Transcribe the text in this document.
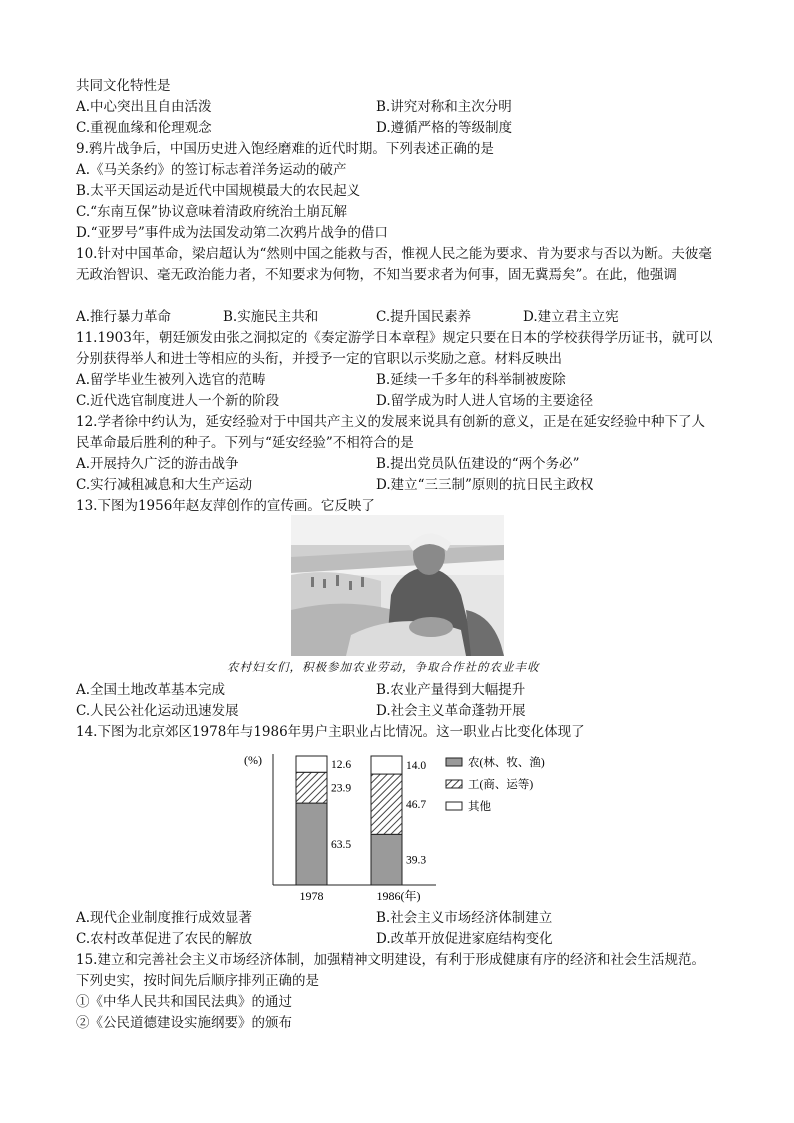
共同文化特性是
A.中心突出且自由活泼	B.讲究对称和主次分明
C.重视血缘和伦理观念	D.遵循严格的等级制度
9.鸦片战争后，中国历史进入饱经磨难的近代时期。下列表述正确的是
A.《马关条约》的签订标志着洋务运动的破产
B.太平天国运动是近代中国规模最大的农民起义
C.“东南互保”协议意味着清政府统治土崩瓦解
D.“亚罗号”事件成为法国发动第二次鸦片战争的借口
10.针对中国革命，梁启超认为“然则中国之能救与否，惟视人民之能为要求、肯为要求与否以为断。夫彼毫无政治智识、毫无政治能力者，不知要求为何物，不知当要求者为何事，固无冀焉矣”。在此，他强调
A.推行暴力革命	B.实施民主共和	C.提升国民素养	D.建立君主立宪
11.1903年，朝廷颁发由张之洞拟定的《奏定游学日本章程》规定只要在日本的学校获得学历证书，就可以分别获得举人和进士等相应的头衔，并授予一定的官职以示奖励之意。材料反映出
A.留学毕业生被列入选官的范畴	B.延续一千多年的科举制被废除
C.近代选官制度进人一个新的阶段	D.留学成为时人进人官场的主要途径
12.学者徐中约认为，延安经验对于中国共产主义的发展来说具有创新的意义，正是在延安经验中种下了人民革命最后胜利的种子。下列与“延安经验”不相符合的是
A.开展持久广泛的游击战争	B.提出党员队伍建设的“两个务必”
C.实行减租减息和大生产运动	D.建立“三三制”原则的抗日民主政权
13.下图为1956年赵友萍创作的宣传画。它反映了
农村妇女们，积极参加农业劳动，争取合作社的农业丰收
A.全国土地改革基本完成	B.农业产量得到大幅提升
C.人民公社化运动迅速发展	D.社会主义革命蓬勃开展
14.下图为北京郊区1978年与1986年男户主职业占比情况。这一职业占比变化体现了
(%)
63.5
23.9
12.6
39.3
46.7
14.0
1978	1986(年)
农(林、牧、渔)
工(商、运等)
其他
A.现代企业制度推行成效显著	B.社会主义市场经济体制建立
C.农村改革促进了农民的解放	D.改革开放促进家庭结构变化
15.建立和完善社会主义市场经济体制，加强精神文明建设，有利于形成健康有序的经济和社会生活规范。下列史实，按时间先后顺序排列正确的是
①《中华人民共和国民法典》的通过
②《公民道德建设实施纲要》的颁布
